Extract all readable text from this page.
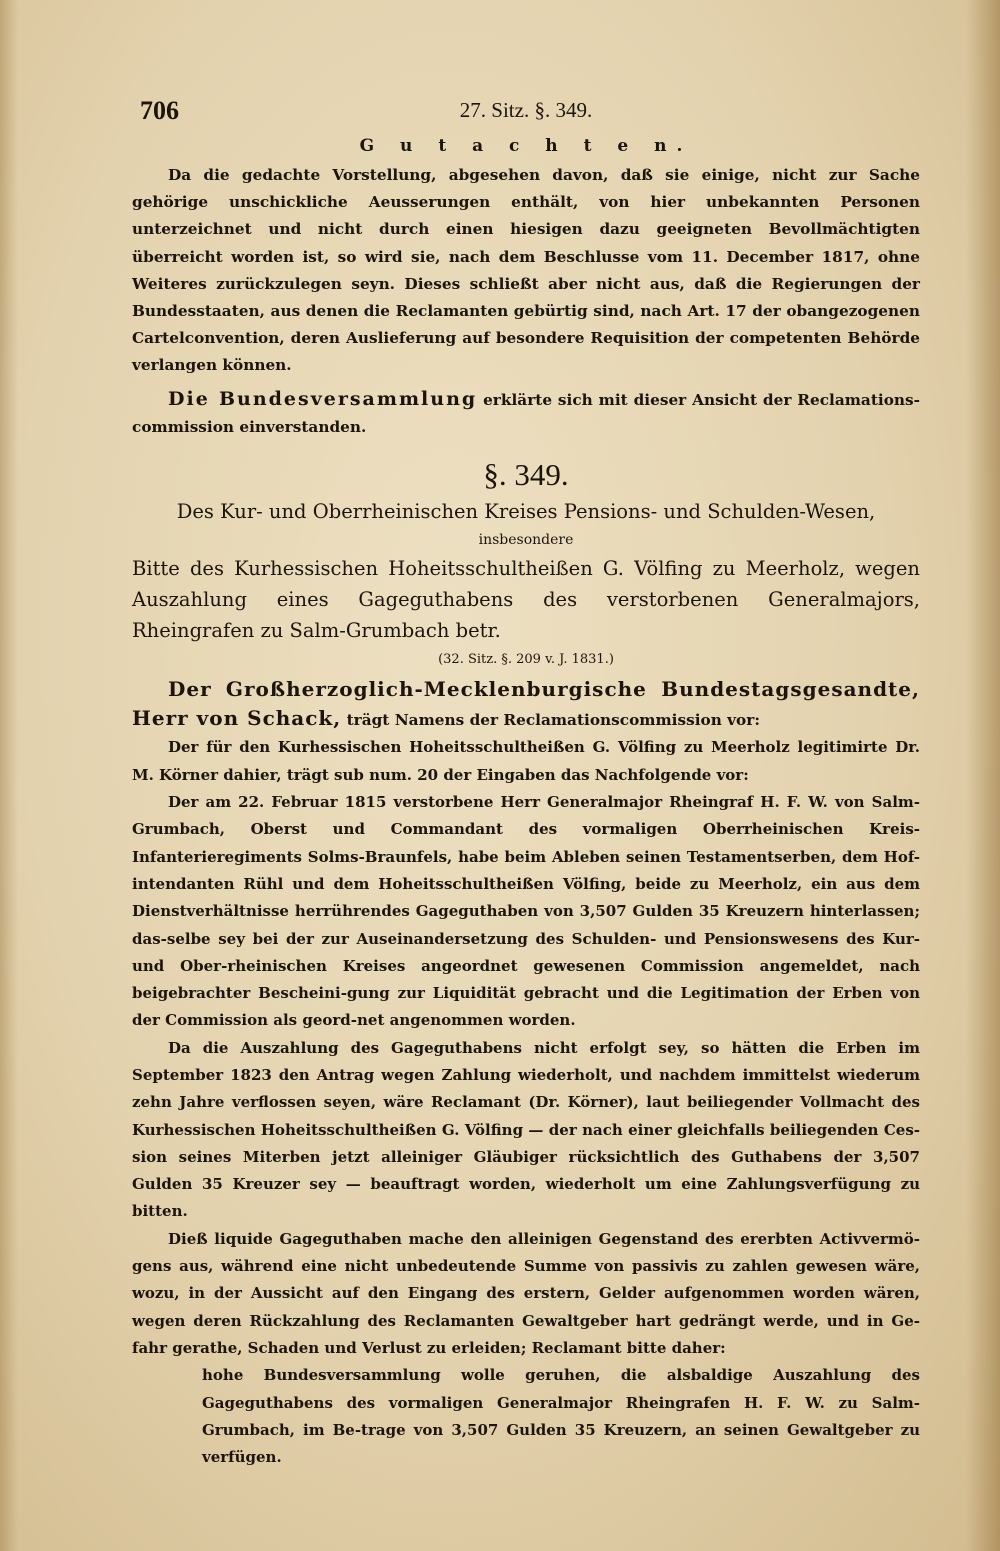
706	27. Sitz. §. 349.

G u t a c h t e n.

Da die gedachte Vorstellung, abgesehen davon, daß sie einige, nicht zur Sache gehörige unschickliche Aeusserungen enthält, von hier unbekannten Personen unterzeichnet und nicht durch einen hiesigen dazu geeigneten Bevollmächtigten überreicht worden ist, so wird sie, nach dem Beschlusse vom 11. December 1817, ohne Weiteres zurückzulegen seyn. Dieses schließt aber nicht aus, daß die Regierungen der Bundesstaaten, aus denen die Reclamanten gebürtig sind, nach Art. 17 der obangezogenen Cartelconvention, deren Auslieferung auf besondere Requisition der competenten Behörde verlangen können.

Die Bundesversammlung erklärte sich mit dieser Ansicht der Reclamations-commission einverstanden.

§. 349.

Des Kur- und Oberrheinischen Kreises Pensions- und Schulden-Wesen,

insbesondere

Bitte des Kurhessischen Hoheitsschultheißen G. Völfing zu Meerholz, wegen Auszahlung eines Gageguthabens des verstorbenen Generalmajors, Rheingrafen zu Salm-Grumbach betr.

(32. Sitz. §. 209 v. J. 1831.)

Der Großherzoglich-Mecklenburgische Bundestagsgesandte, Herr von Schack, trägt Namens der Reclamationscommission vor:

Der für den Kurhessischen Hoheitsschultheißen G. Völfing zu Meerholz legitimirte Dr. M. Körner dahier, trägt sub num. 20 der Eingaben das Nachfolgende vor:

Der am 22. Februar 1815 verstorbene Herr Generalmajor Rheingraf H. F. W. von Salm-Grumbach, Oberst und Commandant des vormaligen Oberrheinischen Kreis-Infanterieregiments Solms-Braunfels, habe beim Ableben seinen Testamentserben, dem Hof-intendanten Rühl und dem Hoheitsschultheißen Völfing, beide zu Meerholz, ein aus dem Dienstverhältnisse herrührendes Gageguthaben von 3,507 Gulden 35 Kreuzern hinterlassen; das-selbe sey bei der zur Auseinandersetzung des Schulden- und Pensionswesens des Kur- und Ober-rheinischen Kreises angeordnet gewesenen Commission angemeldet, nach beigebrachter Bescheini-gung zur Liquidität gebracht und die Legitimation der Erben von der Commission als geord-net angenommen worden.

Da die Auszahlung des Gageguthabens nicht erfolgt sey, so hätten die Erben im September 1823 den Antrag wegen Zahlung wiederholt, und nachdem immittelst wiederum zehn Jahre verflossen seyen, wäre Reclamant (Dr. Körner), laut beiliegender Vollmacht des Kurhessischen Hoheitsschultheißen G. Völfing — der nach einer gleichfalls beiliegenden Ces-sion seines Miterben jetzt alleiniger Gläubiger rücksichtlich des Guthabens der 3,507 Gulden 35 Kreuzer sey — beauftragt worden, wiederholt um eine Zahlungsverfügung zu bitten.

Dieß liquide Gageguthaben mache den alleinigen Gegenstand des ererbten Activvermö-gens aus, während eine nicht unbedeutende Summe von passivis zu zahlen gewesen wäre, wozu, in der Aussicht auf den Eingang des erstern, Gelder aufgenommen worden wären, wegen deren Rückzahlung des Reclamanten Gewaltgeber hart gedrängt werde, und in Ge-fahr gerathe, Schaden und Verlust zu erleiden; Reclamant bitte daher:

hohe Bundesversammlung wolle geruhen, die alsbaldige Auszahlung des Gageguthabens des vormaligen Generalmajor Rheingrafen H. F. W. zu Salm-Grumbach, im Be-trage von 3,507 Gulden 35 Kreuzern, an seinen Gewaltgeber zu verfügen.
